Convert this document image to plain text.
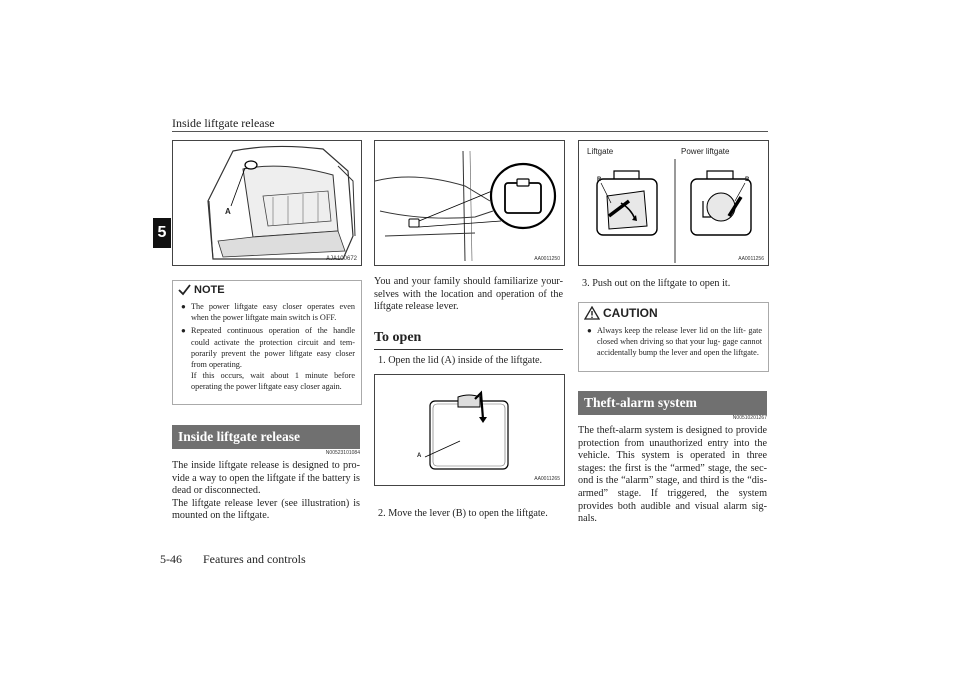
Inside liftgate release
5
A
AJA100672
NOTE
● The power liftgate easy closer operates even when the power liftgate main switch is OFF.
● Repeated continuous operation of the handle could activate the protection circuit and tem- porarily prevent the power liftgate easy closer from operating.
If this occurs, wait about 1 minute before operating the power liftgate easy closer again.
Inside liftgate release
N00523101084

The inside liftgate release is designed to pro- vide a way to open the liftgate if the battery is dead or disconnected.

The liftgate release lever (see illustration) is mounted on the liftgate.

AA0011250

You and your family should familiarize your- selves with the location and operation of the liftgate release lever.

To open
1. Open the lid (A) inside of the liftgate.
A
AA0011265
2. Move the lever (B) to open the liftgate.
Liftgate	Power liftgate
B	B
AA0011256
3. Push out on the liftgate to open it.
CAUTION
● Always keep the release lever lid on the lift- gate closed when driving so that your lug- gage cannot accidentally bump the lever and open the liftgate.
Theft-alarm system
N00510201267

The theft-alarm system is designed to provide protection from unauthorized entry into the vehicle. This system is operated in three stages: the first is the “armed” stage, the sec- ond is the “alarm” stage, and third is the “dis- armed” stage. If triggered, the system provides both audible and visual alarm sig- nals.

5-46 Features and controls
